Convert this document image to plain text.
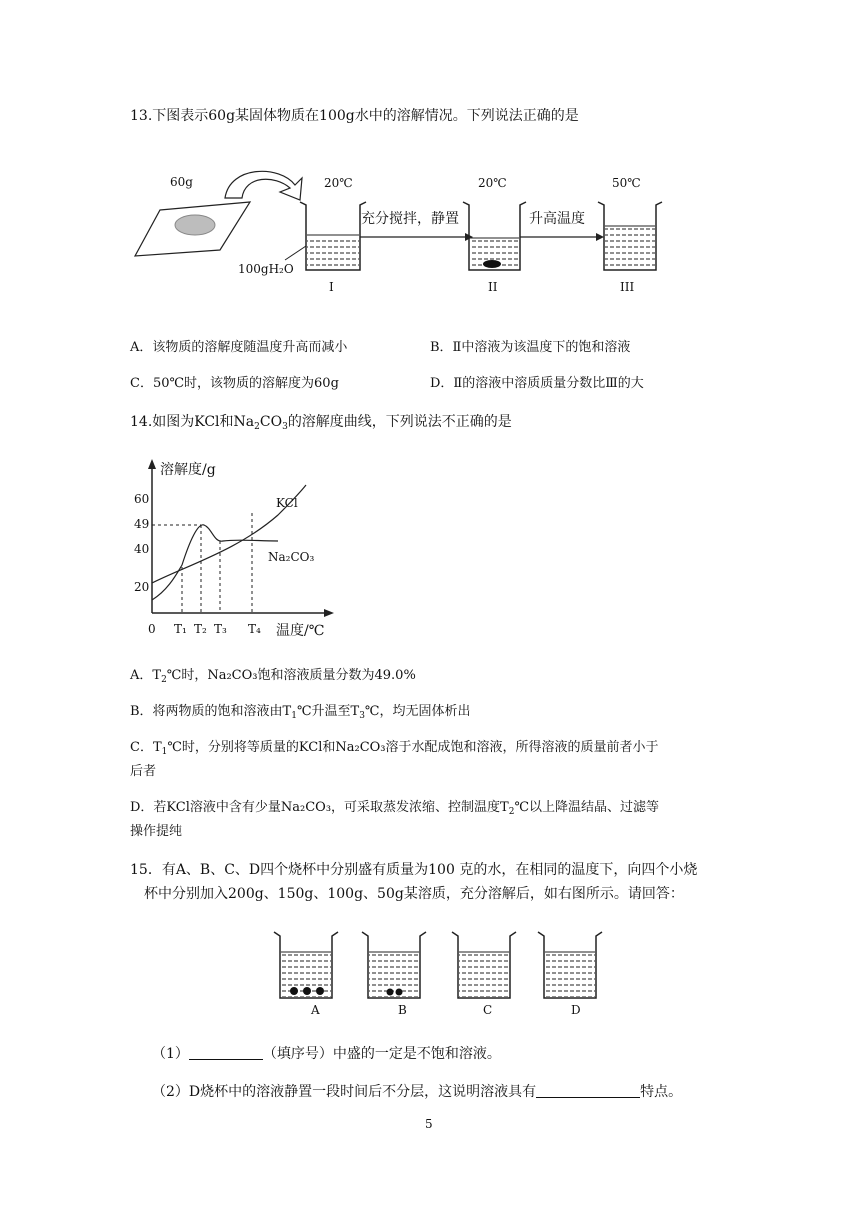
13.下图表示60g某固体物质在100g水中的溶解情况。下列说法正确的是
60g	20℃	20℃	50℃
充分搅拌，静置	升高温度
100gH₂O
I	II	III
A．该物质的溶解度随温度升高而减小	B．Ⅱ中溶液为该温度下的饱和溶液
C．50℃时，该物质的溶解度为60g	D．Ⅱ的溶液中溶质质量分数比Ⅲ的大
14.如图为KCl和$Na_2CO_3$的溶解度曲线，下列说法不正确的是
溶解度/g
60
49
40
20
KCl
Na₂CO₃
0 T₁ T₂ T₃ T₄ 温度/℃
A．$T_2℃$时，Na₂CO₃饱和溶液质量分数为49.0%
B．将两物质的饱和溶液由$T_1℃$升温至$T_3℃$，均无固体析出
C．$T_1℃$时，分别将等质量的KCl和Na₂CO₃溶于水配成饱和溶液，所得溶液的质量前者小于
后者
D．若KCl溶液中含有少量Na₂CO₃，可采取蒸发浓缩、控制温度$T_2℃$以上降温结晶、过滤等
操作提纯
15．有A、B、C、D四个烧杯中分别盛有质量为100 克的水，在相同的温度下，向四个小烧
杯中分别加入200g、150g、100g、50g某溶质，充分溶解后，如右图所示。请回答：
A	B	C	D
（1）	（填序号）中盛的一定是不饱和溶液。
（2）D烧杯中的溶液静置一段时间后不分层，这说明溶液具有	特点。
5
